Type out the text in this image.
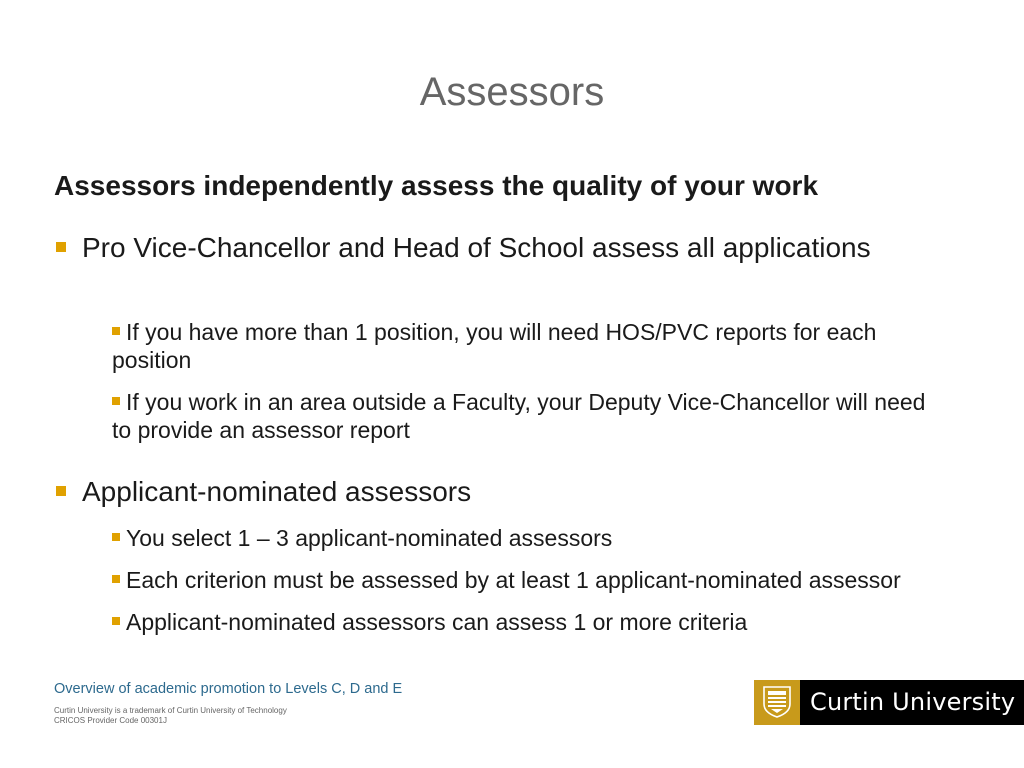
Assessors

Assessors independently assess the quality of your work

Pro Vice-Chancellor and Head of School assess all applications
If you have more than 1 position, you will need HOS/PVC reports for each position
If you work in an area outside a Faculty, your Deputy Vice-Chancellor will need to provide an assessor report
Applicant-nominated assessors
You select 1 – 3 applicant-nominated assessors
Each criterion must be assessed by at least 1 applicant-nominated assessor
Applicant-nominated assessors can assess 1 or more criteria

Overview of academic promotion to Levels C, D and E

Curtin University is a trademark of Curtin University of Technology

CRICOS Provider Code 00301J

Curtin University
